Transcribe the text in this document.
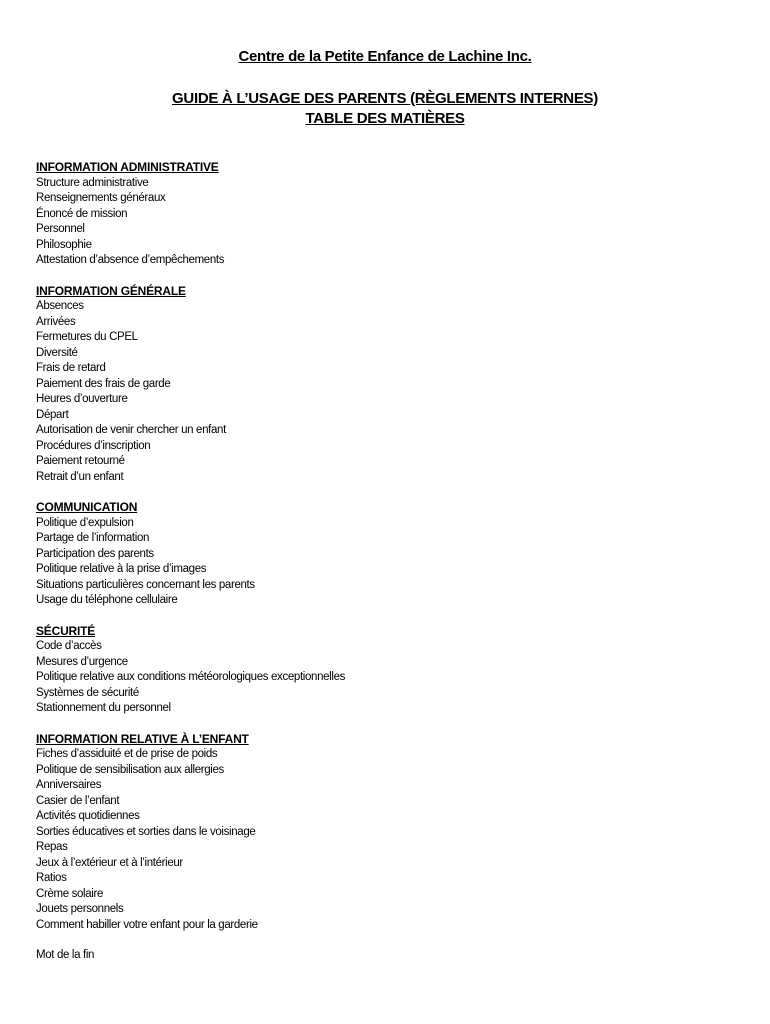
Centre de la Petite Enfance de Lachine Inc.
GUIDE À L’USAGE DES PARENTS (RÈGLEMENTS INTERNES)
TABLE DES MATIÈRES
INFORMATION ADMINISTRATIVE
Structure administrative
Renseignements généraux
Énoncé de mission
Personnel
Philosophie
Attestation d’absence d’empêchements
INFORMATION GÉNÉRALE
Absences
Arrivées
Fermetures du CPEL
Diversité
Frais de retard
Paiement des frais de garde
Heures d’ouverture
Départ
Autorisation de venir chercher un enfant
Procédures d’inscription
Paiement retourné
Retrait d’un enfant
COMMUNICATION
Politique d’expulsion
Partage de l’information
Participation des parents
Politique relative à la prise d’images
Situations particulières concernant les parents
Usage du téléphone cellulaire
SÉCURITÉ
Code d’accès
Mesures d’urgence
Politique relative aux conditions météorologiques exceptionnelles
Systèmes de sécurité
Stationnement du personnel
INFORMATION RELATIVE À L’ENFANT
Fiches d’assiduité et de prise de poids
Politique de sensibilisation aux allergies
Anniversaires
Casier de l’enfant
Activités quotidiennes
Sorties éducatives et sorties dans le voisinage
Repas
Jeux à l’extérieur et à l’intérieur
Ratios
Crème solaire
Jouets personnels
Comment habiller votre enfant pour la garderie
Mot de la fin
